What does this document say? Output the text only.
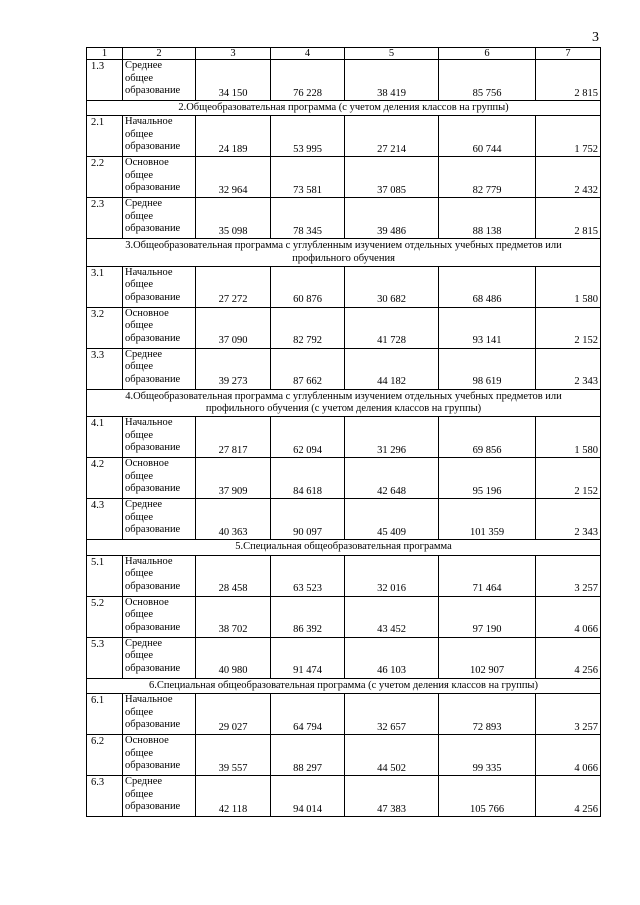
3
1	2	3	4	5	6	7
1.3	Среднее
общее
образование	34 150	76 228	38 419	85 756	2 815
2.Общеобразовательная программа (с учетом деления классов на группы)						
2.1	Начальное
общее
образование	24 189	53 995	27 214	60 744	1 752
2.2	Основное
общее
образование	32 964	73 581	37 085	82 779	2 432
2.3	Среднее
общее
образование	35 098	78 345	39 486	88 138	2 815
3.Общеобразовательная программа с углубленным изучением отдельных учебных предметов или профильного обучения						
3.1	Начальное
общее
образование	27 272	60 876	30 682	68 486	1 580
3.2	Основное
общее
образование	37 090	82 792	41 728	93 141	2 152
3.3	Среднее
общее
образование	39 273	87 662	44 182	98 619	2 343
4.Общеобразовательная программа с углубленным изучением отдельных учебных предметов или профильного обучения (с учетом деления классов на группы)						
4.1	Начальное
общее
образование	27 817	62 094	31 296	69 856	1 580
4.2	Основное
общее
образование	37 909	84 618	42 648	95 196	2 152
4.3	Среднее
общее
образование	40 363	90 097	45 409	101 359	2 343
5.Специальная общеобразовательная программа						
5.1	Начальное
общее
образование	28 458	63 523	32 016	71 464	3 257
5.2	Основное
общее
образование	38 702	86 392	43 452	97 190	4 066
5.3	Среднее
общее
образование	40 980	91 474	46 103	102 907	4 256
6.Специальная общеобразовательная программа (с учетом деления классов на группы)						
6.1	Начальное
общее
образование	29 027	64 794	32 657	72 893	3 257
6.2	Основное
общее
образование	39 557	88 297	44 502	99 335	4 066
6.3	Среднее
общее
образование	42 118	94 014	47 383	105 766	4 256
